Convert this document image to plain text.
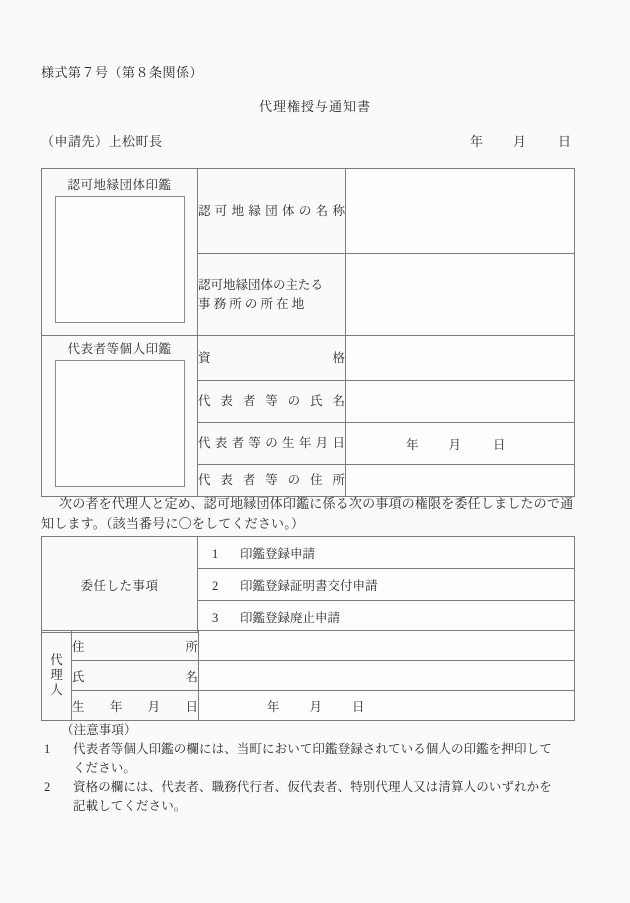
様式第７号（第８条関係）
代理権授与通知書
（申請先）上松町長	年 月 日
認可地縁団体印鑑	認可地縁団体の名称	

	認可地縁団体の主たる
事 務 所 の 所 在 地	

代表者等個人印鑑	資　　　　　　　格	

	代 表 者 等 の 氏 名	

	代表者等の生年月日	年 月 日

	代 表 者 等 の 住 所	

次の者を代理人と定め、認可地縁団体印鑑に係る次の事項の権限を委任しましたので通
知します。（該当番号に〇をしてください。）
委任した事項	1 印鑑登録申請
2 印鑑登録証明書交付申請
3 印鑑登録廃止申請
代
理
人	住　　　　　所	

	氏　　　　　名	

	生　年　月　日	年 月 日
（注意事項）
1	代表者等個人印鑑の欄には、当町において印鑑登録されている個人の印鑑を押印して
ください。
2	資格の欄には、代表者、職務代行者、仮代表者、特別代理人又は清算人のいずれかを
記載してください。
